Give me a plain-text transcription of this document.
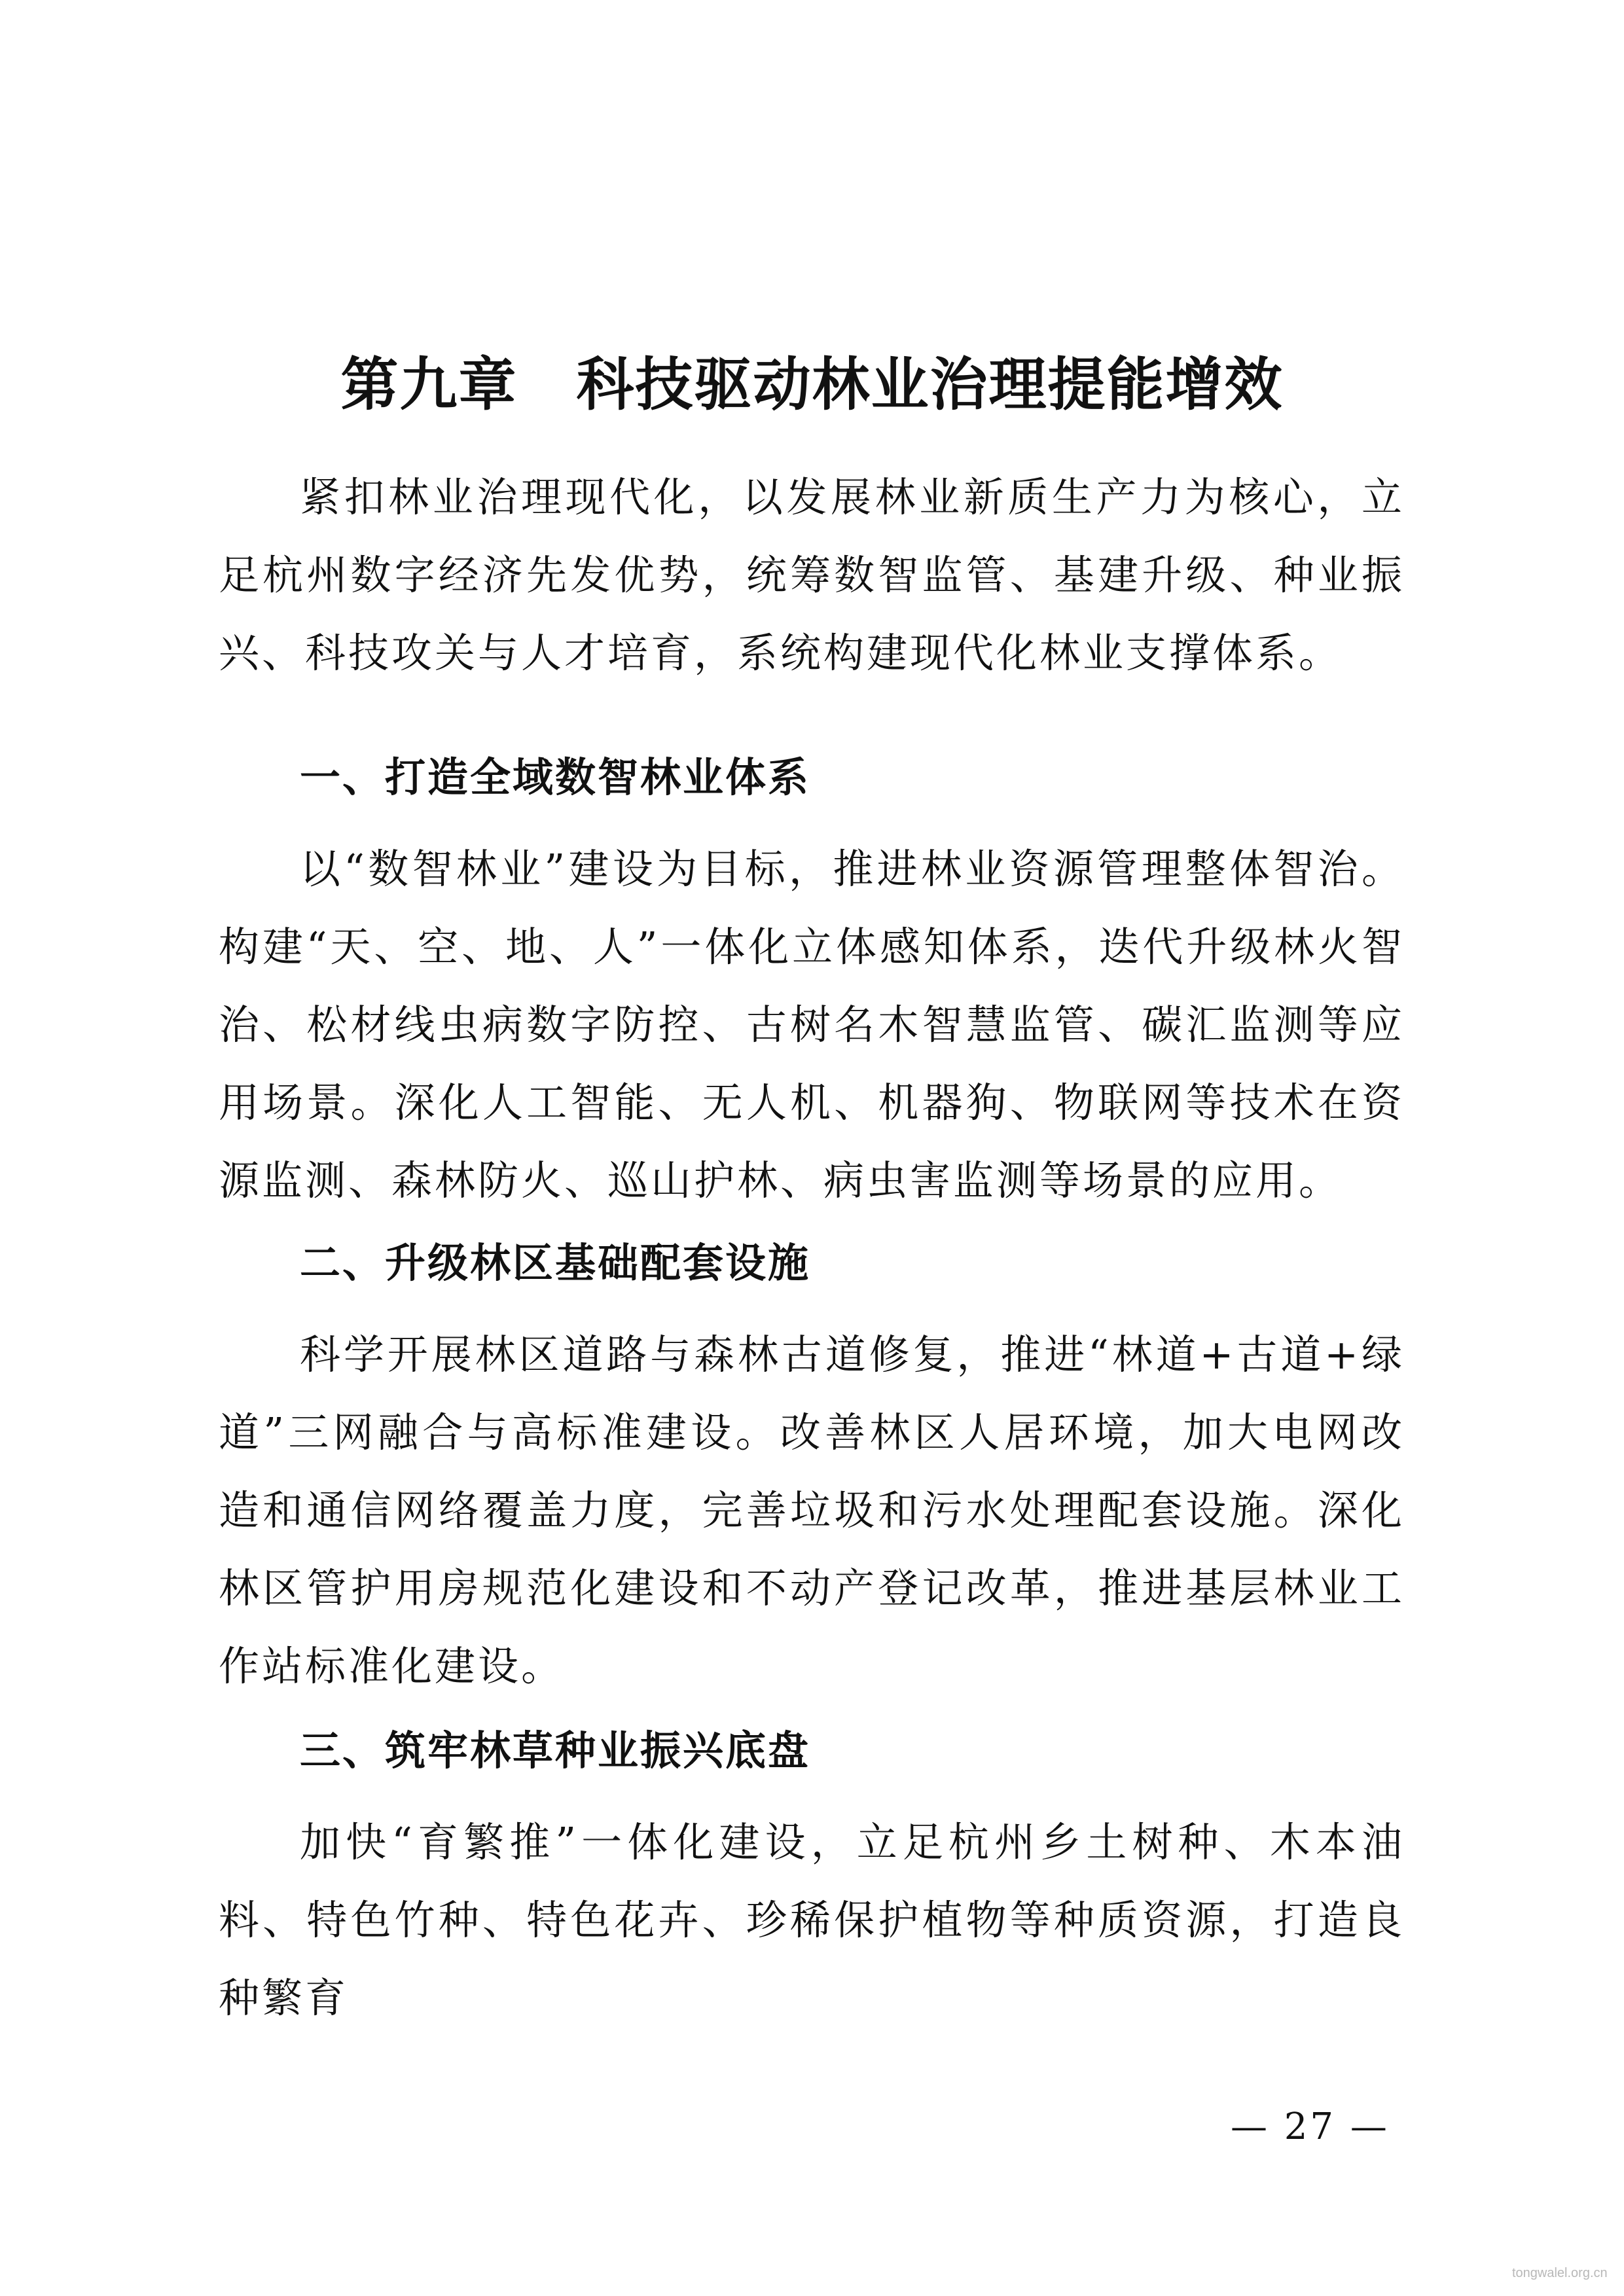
第九章　科技驱动林业治理提能增效

紧扣林业治理现代化，以发展林业新质生产力为核心，立足杭州数字经济先发优势，统筹数智监管、基建升级、种业振兴、科技攻关与人才培育，系统构建现代化林业支撑体系。

一、打造全域数智林业体系

以“数智林业”建设为目标，推进林业资源管理整体智治。构建“天、空、地、人”一体化立体感知体系，迭代升级林火智治、松材线虫病数字防控、古树名木智慧监管、碳汇监测等应用场景。深化人工智能、无人机、机器狗、物联网等技术在资源监测、森林防火、巡山护林、病虫害监测等场景的应用。

二、升级林区基础配套设施

科学开展林区道路与森林古道修复，推进“林道+古道+绿道”三网融合与高标准建设。改善林区人居环境，加大电网改造和通信网络覆盖力度，完善垃圾和污水处理配套设施。深化林区管护用房规范化建设和不动产登记改革，推进基层林业工作站标准化建设。

三、筑牢林草种业振兴底盘

加快“育繁推”一体化建设，立足杭州乡土树种、木本油料、特色竹种、特色花卉、珍稀保护植物等种质资源，打造良种繁育

— 27 —
tongwalel.org.cn
